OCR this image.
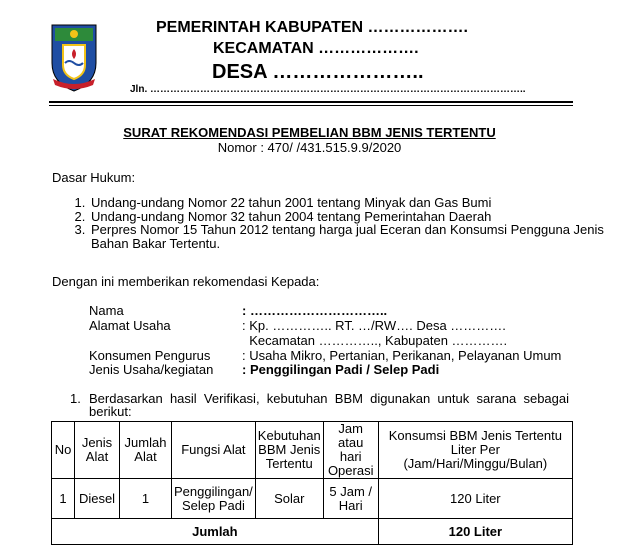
PEMERINTAH KABUPATEN ……………….
KECAMATAN ……………….
DESA …………………..
Jln. …………………………………………………………………………………………………..
SURAT REKOMENDASI PEMBELIAN BBM JENIS TERTENTU
Nomor : 470/ /431.515.9.9/2020
Dasar Hukum:
1. Undang-undang Nomor 22 tahun 2001 tentang Minyak dan Gas Bumi
2. Undang-undang Nomor 32 tahun 2004 tentang Pemerintahan Daerah
3. Perpres Nomor 15 Tahun 2012 tentang harga jual Eceran dan Konsumsi Pengguna Jenis Bahan Bakar Tertentu.
Dengan ini memberikan rekomendasi Kepada:
Nama	: …………………………..
Alamat Usaha	: Kp. ………….. RT. …/RW…. Desa ………….
Kecamatan ………….., Kabupaten ………….
Konsumen Pengurus : Usaha Mikro, Pertanian, Perikanan, Pelayanan Umum
Jenis Usaha/kegiatan : Penggilingan Padi / Selep Padi
1. Berdasarkan hasil Verifikasi, kebutuhan BBM digunakan untuk sarana sebagai
berikut:
No	Jenis Alat	Jumlah Alat	Fungsi Alat	Kebutuhan BBM Jenis Tertentu	Jam atau hari Operasi	Konsumsi BBM Jenis Tertentu Liter Per (Jam/Hari/Minggu/Bulan)
1	Diesel	1	Penggilingan/ Selep Padi	Solar	5 Jam / Hari	120 Liter
Jumlah						120 Liter
